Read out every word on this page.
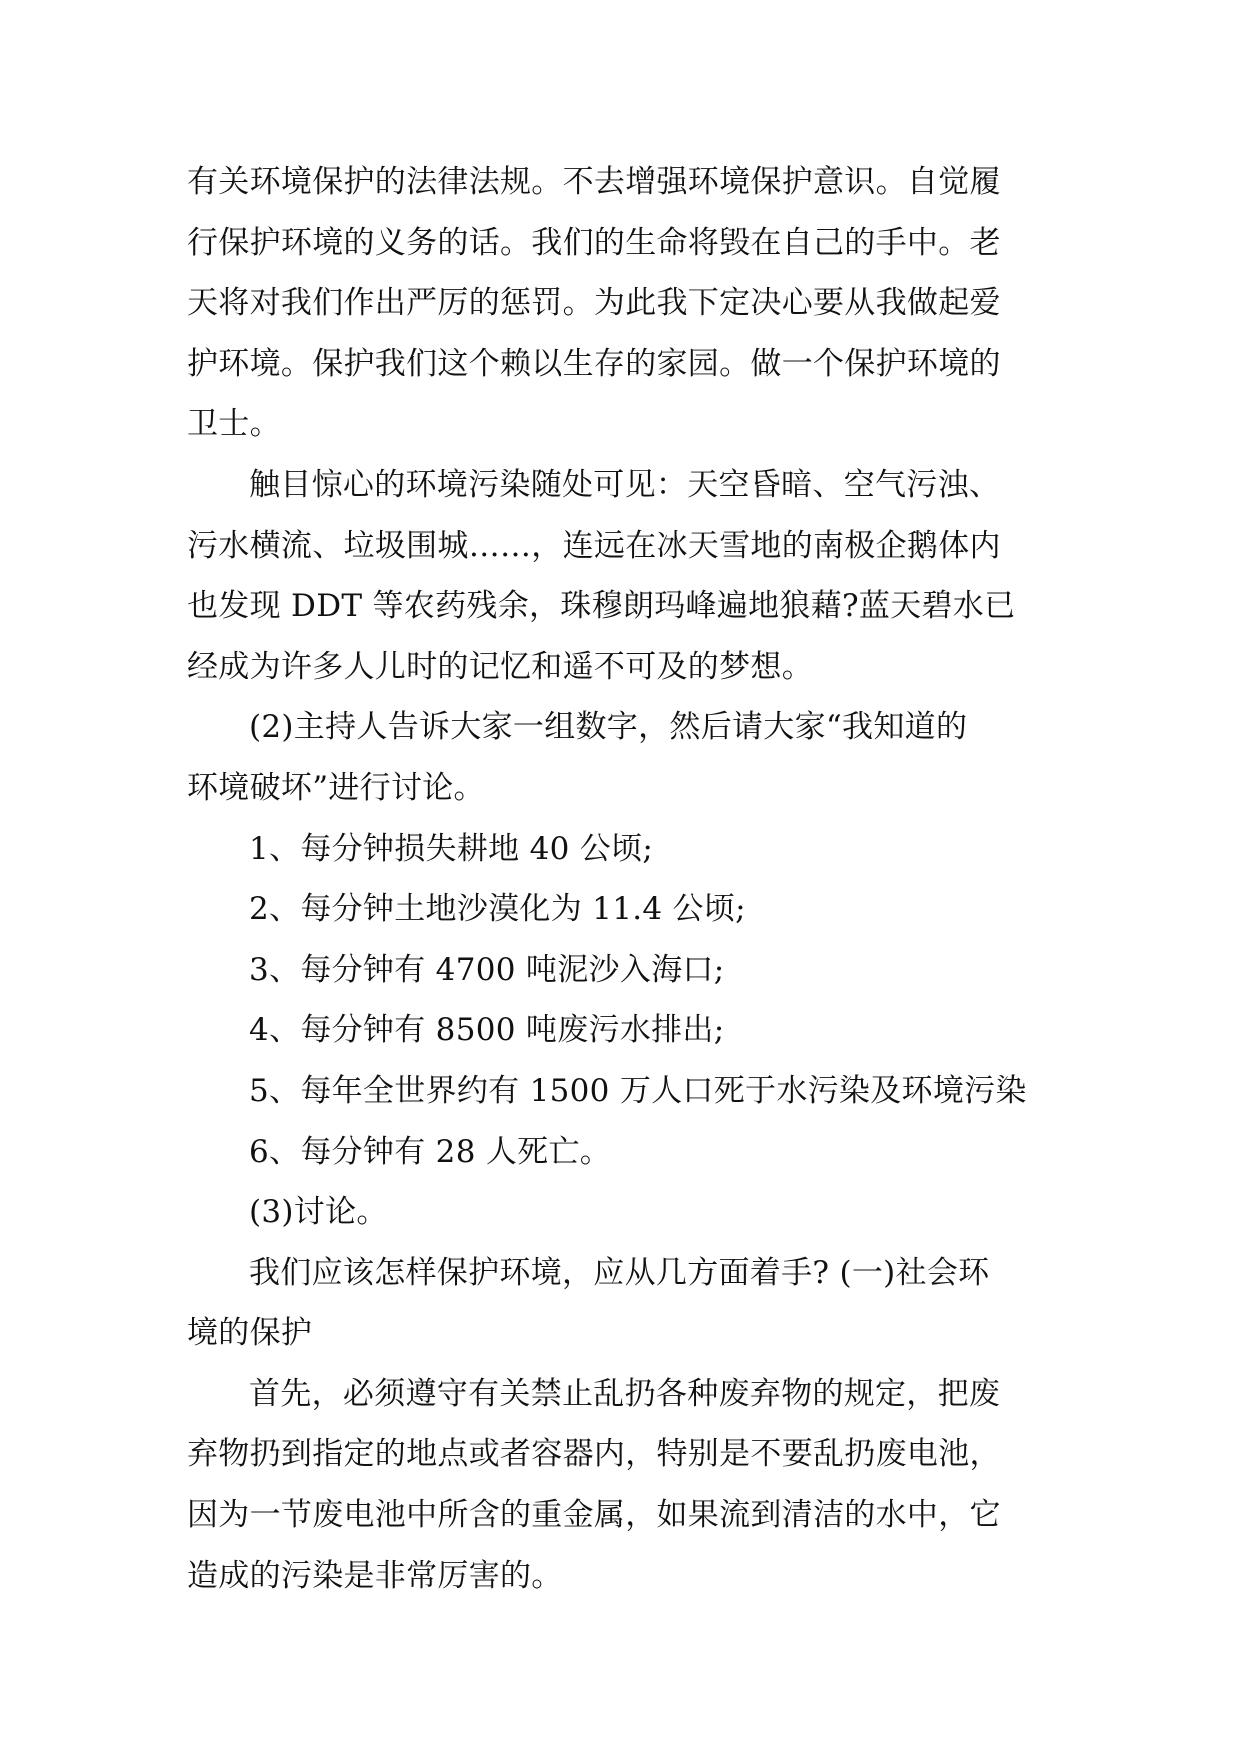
有关环境保护的法律法规。不去增强环境保护意识。自觉履
行保护环境的义务的话。我们的生命将毁在自己的手中。老
天将对我们作出严厉的惩罚。为此我下定决心要从我做起爱
护环境。保护我们这个赖以生存的家园。做一个保护环境的
卫士。

触目惊心的环境污染随处可见：天空昏暗、空气污浊、
污水横流、垃圾围城……，连远在冰天雪地的南极企鹅体内
也发现 DDT 等农药残余，珠穆朗玛峰遍地狼藉?蓝天碧水已
经成为许多人儿时的记忆和遥不可及的梦想。

(2)主持人告诉大家一组数字，然后请大家“我知道的
环境破坏”进行讨论。

1、每分钟损失耕地 40 公顷;

2、每分钟土地沙漠化为 11.4 公顷;

3、每分钟有 4700 吨泥沙入海口;

4、每分钟有 8500 吨废污水排出;

5、每年全世界约有 1500 万人口死于水污染及环境污染

6、每分钟有 28 人死亡。

(3)讨论。

我们应该怎样保护环境，应从几方面着手? (一)社会环
境的保护

首先，必须遵守有关禁止乱扔各种废弃物的规定，把废
弃物扔到指定的地点或者容器内，特别是不要乱扔废电池，
因为一节废电池中所含的重金属，如果流到清洁的水中，它
造成的污染是非常厉害的。
